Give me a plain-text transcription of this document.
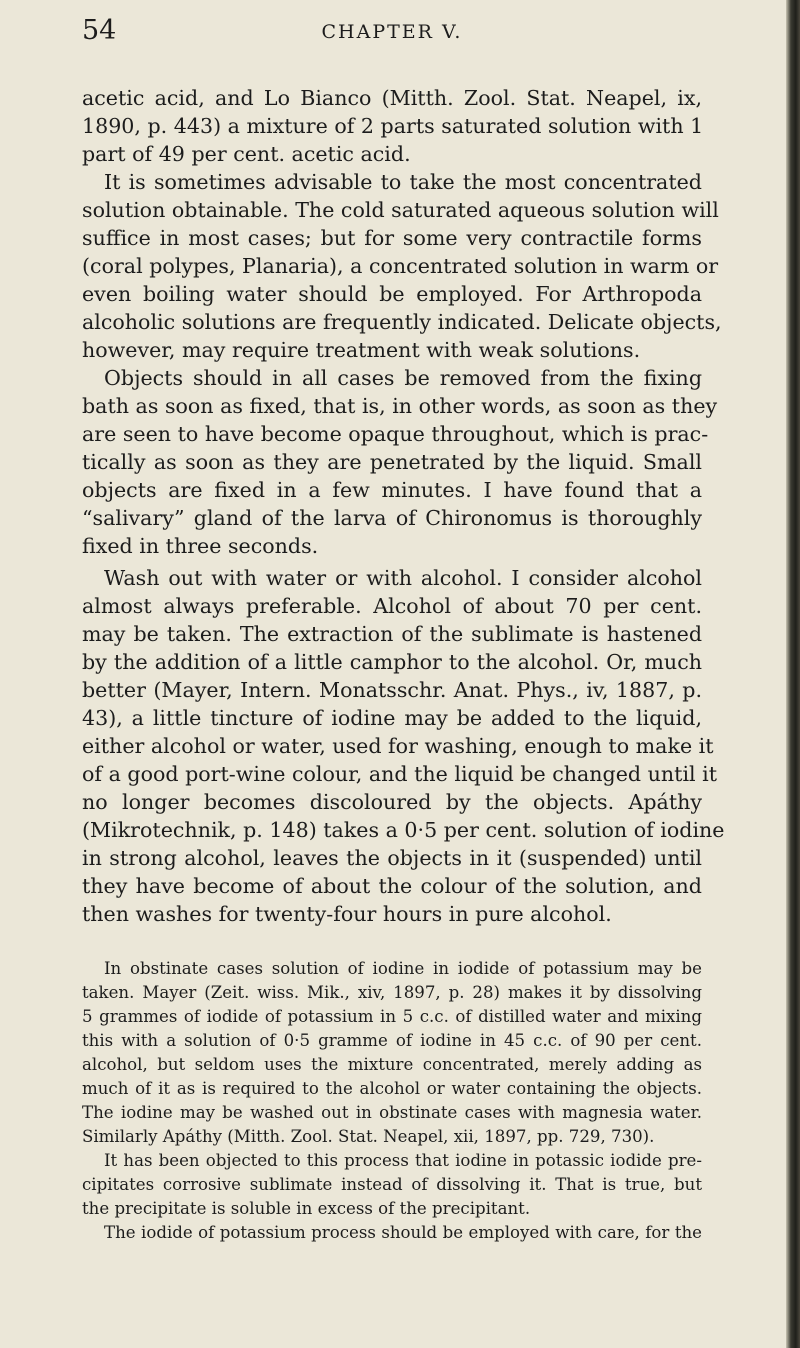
54	CHAPTER V.
acetic acid, and Lo Bianco (Mitth. Zool. Stat. Neapel, ix,
1890, p. 443) a mixture of 2 parts saturated solution with 1
part of 49 per cent. acetic acid.
It is sometimes advisable to take the most concentrated
solution obtainable. The cold saturated aqueous solution will
suffice in most cases; but for some very contractile forms
(coral polypes, Planaria), a concentrated solution in warm or
even boiling water should be employed. For Arthropoda
alcoholic solutions are frequently indicated. Delicate objects,
however, may require treatment with weak solutions.
Objects should in all cases be removed from the fixing
bath as soon as fixed, that is, in other words, as soon as they
are seen to have become opaque throughout, which is prac-
tically as soon as they are penetrated by the liquid. Small
objects are fixed in a few minutes. I have found that a
“salivary” gland of the larva of Chironomus is thoroughly
fixed in three seconds.
Wash out with water or with alcohol. I consider alcohol
almost always preferable. Alcohol of about 70 per cent.
may be taken. The extraction of the sublimate is hastened
by the addition of a little camphor to the alcohol. Or, much
better (Mayer, Intern. Monatsschr. Anat. Phys., iv, 1887, p.
43), a little tincture of iodine may be added to the liquid,
either alcohol or water, used for washing, enough to make it
of a good port-wine colour, and the liquid be changed until it
no longer becomes discoloured by the objects. Apáthy
(Mikrotechnik, p. 148) takes a 0·5 per cent. solution of iodine
in strong alcohol, leaves the objects in it (suspended) until
they have become of about the colour of the solution, and
then washes for twenty-four hours in pure alcohol.
In obstinate cases solution of iodine in iodide of potassium may be
taken. Mayer (Zeit. wiss. Mik., xiv, 1897, p. 28) makes it by dissolving
5 grammes of iodide of potassium in 5 c.c. of distilled water and mixing
this with a solution of 0·5 gramme of iodine in 45 c.c. of 90 per cent.
alcohol, but seldom uses the mixture concentrated, merely adding as
much of it as is required to the alcohol or water containing the objects.
The iodine may be washed out in obstinate cases with magnesia water.
Similarly Apáthy (Mitth. Zool. Stat. Neapel, xii, 1897, pp. 729, 730).
It has been objected to this process that iodine in potassic iodide pre-
cipitates corrosive sublimate instead of dissolving it. That is true, but
the precipitate is soluble in excess of the precipitant.
The iodide of potassium process should be employed with care, for the
